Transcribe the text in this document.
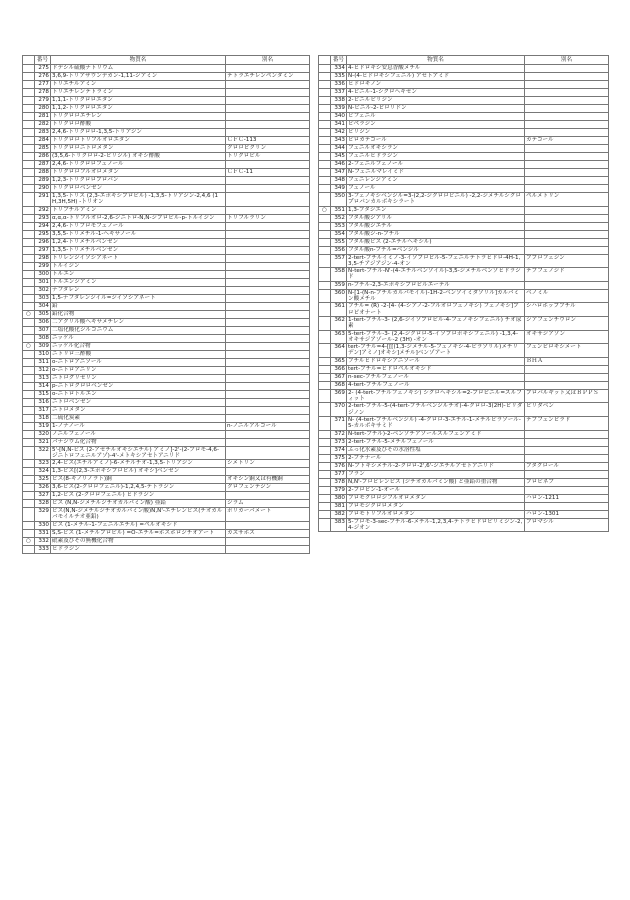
	番号	物質名	別名
	275	ドデシル硫酸ナトリウム	
	276	3,6,9-トリアザウンデカン-1,11-ジアミン	テトラエチレンペンタミン
	277	トリエチルアミン	
	278	トリエチレンテトラミン	
	279	1,1,1-トリクロロエタン	
	280	1,1,2-トリクロロエタン	
	281	トリクロロエチレン	
	282	トリクロロ酢酸	
	283	2,4,6-トリクロロ-1,3,5-トリアジン	
	284	トリクロロトリフルオロエタン	ＣＦＣ-113
	285	トリクロロニトロメタン	クロロピクリン
	286	(3,5,6-トリクロロ-2-ピリジル) オキシ酢酸	トリクロピル
	287	2,4,6-トリクロロフェノール	
	288	トリクロロフルオロメタン	ＣＦＣ-11
	289	1,2,3-トリクロロプロパン	
	290	トリクロロベンゼン	
	291	1,3,5-トリス (2,3-エポキシプロピル) -1,3,5-トリアジン-2,4,6 (1H,3H,5H) -トリオン	
	292	トリブチルアミン	
	293	α,α,α-トリフルオロ-2,6-ジニトロ-N,N-ジプロピル-p-トルイジン	トリフルラリン
	294	2,4,6-トリブロモフェノール	
	295	3,5,5-トリメチル-1-ヘキサノール	
	296	1,2,4-トリメチルベンゼン	
	297	1,3,5-トリメチルベンゼン	
	298	トリレンジイソシアネート	
	299	トルイジン	
	300	トルエン	
	301	トルエンジアミン	
	302	ナフタレン	
	303	1,5-ナフタレンジイル=ジイソシアネート	
	304	鉛	
○	305	鉛化合物	
	306	二アクリル酸ヘキサメチレン	
	307	二塩化酸化ジルコニウム	
	308	ニッケル	
○	309	ニッケル化合物	
	310	ニトリロ三酢酸	
	311	o-ニトロアニソール	
	312	o-ニトロアニリン	
	313	ニトログリセリン	
	314	p-ニトロクロロベンゼン	
	315	o-ニトロトルエン	
	316	ニトロベンゼン	
	317	ニトロメタン	
	318	二硫化炭素	
	319	1-ノナノール	n-ノニルアルコール
	320	ノニルフェノール	
	321	バナジウム化合物	
	322	5'-[N,N-ビス (2-アセチルオキシエチル) アミノ]-2'-(2-ブロモ-4,6-ジニトロフェニルアゾ)-4'-メトキシアセトアニリド	
	323	2,4-ビス(エチルアミノ)-6-メチルチオ-1,3,5-トリアジン	シメトリン
	324	1,3-ビス[(2,3-エポキシプロピル) オキシ]ベンゼン	
	325	ビス(8-キノリノラト)銅	オキシン銅又は有機銅
	326	3,6-ビス(2-クロロフェニル)-1,2,4,5-テトラジン	クロフェンテジン
	327	1,2-ビス (2-クロロフェニル) ヒドラジン	
	328	ビス (N,N-ジメチルジチオカルバミン酸) 亜鉛	ジラム
	329	ビス(N,N-ジメチルジチオカルバミン酸)N,N'-エチレンビス(チオカルバモイルチオ亜鉛)	ポリカーバメート
	330	ビス (1-メチル-1-フェニルエチル) =ペルオキシド	
	331	S,S-ビス (1-メチルプロピル) =O-エチル=ホスホロジチオアート	カズサホス
○	332	砒素及びその無機化合物	
	333	ヒドラジン	
	番号	物質名	別名
	334	4-ヒドロキシ安息香酸メチル	
	335	N-(4-ヒドロキシフェニル) アセトアミド	
	336	ヒドロキノン	
	337	4-ビニル-1-シクロヘキセン	
	338	2-ビニルピリジン	
	339	N-ビニル-2-ピロリドン	
	340	ビフェニル	
	341	ピペラジン	
	342	ピリジン	
	343	ピロカテコール	カテコール
	344	フェニルオキシラン	
	345	フェニルヒドラジン	
	346	2-フェニルフェノール	
	347	N-フェニルマレイミド	
	348	フェニレンジアミン	
	349	フェノール	
	350	3-フェノキシベンジル=3-(2,2-ジクロロビニル) -2,2-ジメチルシクロプロパンカルボキシラート	ペルメトリン
○	351	1,3-ブタジエン	
	352	フタル酸ジアリル	
	353	フタル酸ジエチル	
	354	フタル酸ジ-n-ブチル	
	355	フタル酸ビス (2-エチルヘキシル)	
	356	フタル酸n-ブチル=ベンジル	
	357	2-tert-ブチルイミノ-3-イソプロピル-5-フェニルテトラヒドロ-4H-1,3,5-チアジアジン-4-オン	ブプロフェジン
	358	N-tert-ブチル-N'-(4-エチルベンゾイル)-3,5-ジメチルベンゾヒドラジド	テブフェノジド
	359	n-ブチル-2,3-エポキシプロピルエーテル	
	360	N-[1-(N-n-ブチルカルバモイル)-1H-2-ベンゾイミダゾリル]カルバミン酸メチル	ベノミル
	361	ブチル= (R) -2-[4- (4-シアノ-2-フルオロフェノキシ) フェノキシ]プロピオナート	シハロホップブチル
	362	1-tert-ブチル-3- (2,6-ジイソプロピル-4-フェノキシフェニル) チオ尿素	ジアフェンチウロン
	363	5-tert-ブチル-3- (2,4-ジクロロ-5-イソプロポキシフェニル) -1,3,4-オキサジアゾール-2 (3H) -オン	オキサジアゾン
	364	tert-ブチル=4-[[[(1,3-ジメチル-5-フェノキシ-4-ピラゾリル)メチリデン]アミノ]オキシ]メチル]ベンゾアート	フェンピロキシメート
	365	ブチルヒドロキシアニソール	ＢＨＡ
	366	tert-ブチル=ヒドロペルオキシド	
	367	n-sec-ブチルフェノール	
	368	4-tert-ブチルフェノール	
	369	2- (4-tert-ブチルフェノキシ) シクロヘキシル=2-プロピニル=スルフィット	プロパルギット又はＢＰＰＳ
	370	2-tert-ブチル-5-(4-tert-ブチルベンジルチオ)-4-クロロ-3(2H)-ピリダジノン	ピリダベン
	371	N- (4-tert-ブチルベンジル) -4-クロロ-3-エチル-1-メチルピラゾール-5-カルボキサミド	テブフェンピラド
	372	N-tert-ブチル)-2-ベンゾチアゾールスルフェンアミド	
	373	2-tert-ブチル-5-メチルフェノール	
	374	ふっ化水素及びその水溶性塩	
	375	2-ブテナール	
	376	N-ブトキシメチル-2-クロロ-2',6'-ジエチルアセトアニリド	ブタクロール
	377	フラン	
	378	N,N'-プロピレンビス (ジチオカルバミン酸) と亜鉛の重合物	プロピネブ
	379	2-プロピン-1-オール	
	380	ブロモクロロジフルオロメタン	ハロン-1211
	381	ブロモジクロロメタン	
	382	ブロモトリフルオロメタン	ハロン-1301
	383	5-ブロモ-3-sec-ブチル-6-メチル-1,2,3,4-テトラヒドロピリミジン-2,4-ジオン	ブロマシル
